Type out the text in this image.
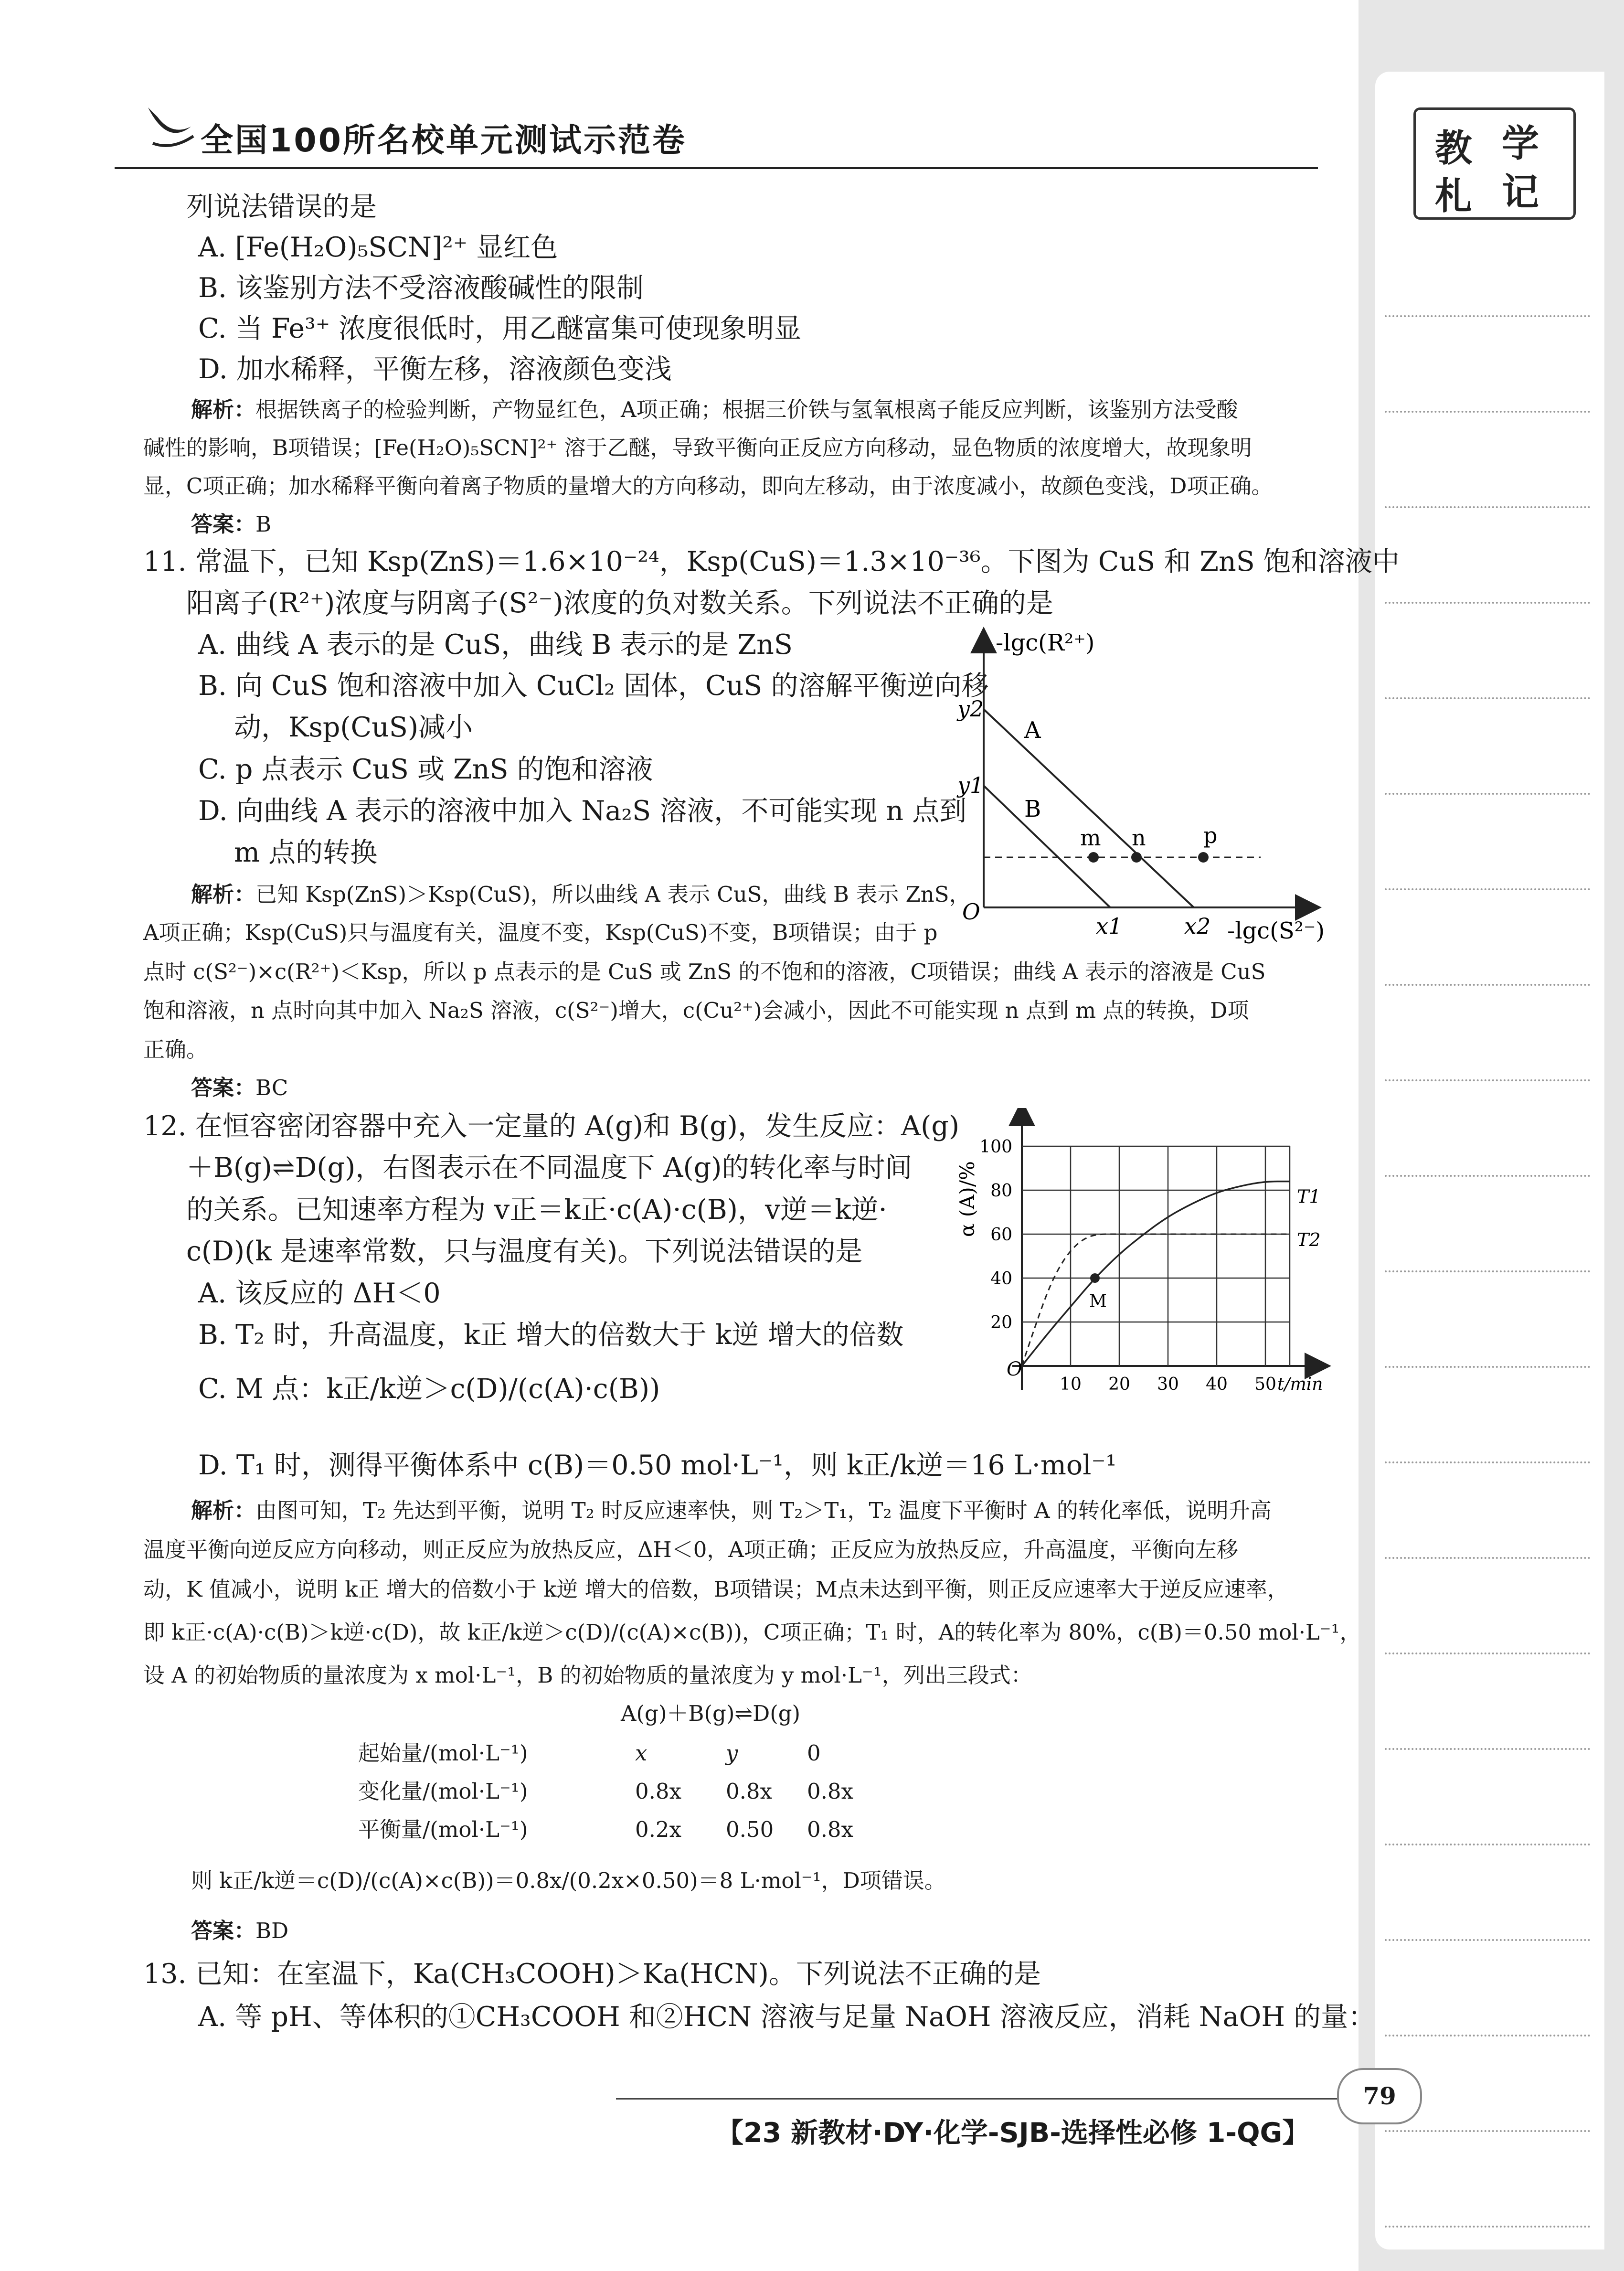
教 学
札 记
全国100所名校单元测试示范卷
列说法错误的是
A. [Fe(H₂O)₅SCN]²⁺ 显红色
B. 该鉴别方法不受溶液酸碱性的限制
C. 当 Fe³⁺ 浓度很低时，用乙醚富集可使现象明显
D. 加水稀释，平衡左移，溶液颜色变浅
解析：根据铁离子的检验判断，产物显红色，A项正确；根据三价铁与氢氧根离子能反应判断，该鉴别方法受酸
碱性的影响，B项错误；[Fe(H₂O)₅SCN]²⁺ 溶于乙醚，导致平衡向正反应方向移动，显色物质的浓度增大，故现象明
显，C项正确；加水稀释平衡向着离子物质的量增大的方向移动，即向左移动，由于浓度减小，故颜色变浅，D项正确。
答案：B
11. 常温下，已知 Ksp(ZnS)＝1.6×10⁻²⁴，Ksp(CuS)＝1.3×10⁻³⁶。下图为 CuS 和 ZnS 饱和溶液中
阳离子(R²⁺)浓度与阴离子(S²⁻)浓度的负对数关系。下列说法不正确的是
A. 曲线 A 表示的是 CuS，曲线 B 表示的是 ZnS
B. 向 CuS 饱和溶液中加入 CuCl₂ 固体，CuS 的溶解平衡逆向移
动，Ksp(CuS)减小
C. p 点表示 CuS 或 ZnS 的饱和溶液
D. 向曲线 A 表示的溶液中加入 Na₂S 溶液，不可能实现 n 点到
m 点的转换
解析：已知 Ksp(ZnS)＞Ksp(CuS)，所以曲线 A 表示 CuS，曲线 B 表示 ZnS，
A项正确；Ksp(CuS)只与温度有关，温度不变，Ksp(CuS)不变，B项错误；由于 p
点时 c(S²⁻)×c(R²⁺)＜Ksp，所以 p 点表示的是 CuS 或 ZnS 的不饱和的溶液，C项错误；曲线 A 表示的溶液是 CuS
饱和溶液，n 点时向其中加入 Na₂S 溶液，c(S²⁻)增大，c(Cu²⁺)会减小，因此不可能实现 n 点到 m 点的转换，D项
正确。
答案：BC
-lgc(R²⁺)
-lgc(S²⁻)
O
y2
y1
x1	x2
A
B
m n	p
12. 在恒容密闭容器中充入一定量的 A(g)和 B(g)，发生反应：A(g)
＋B(g)⇌D(g)，右图表示在不同温度下 A(g)的转化率与时间
的关系。已知速率方程为 v正＝k正·c(A)·c(B)，v逆＝k逆·
c(D)(k 是速率常数，只与温度有关)。下列说法错误的是
A. 该反应的 ΔH＜0
B. T₂ 时，升高温度，k正 增大的倍数大于 k逆 增大的倍数
C. M 点：k正/k逆＞c(D)/(c(A)·c(B))
D. T₁ 时，测得平衡体系中 c(B)＝0.50 mol·L⁻¹，则 k正/k逆＝16 L·mol⁻¹
α (A)/%
t/min
O
20
40
60
80
100
10 20 30 40 50
M
T1
T2
解析：由图可知，T₂ 先达到平衡，说明 T₂ 时反应速率快，则 T₂＞T₁，T₂ 温度下平衡时 A 的转化率低，说明升高
温度平衡向逆反应方向移动，则正反应为放热反应，ΔH＜0，A项正确；正反应为放热反应，升高温度，平衡向左移
动，K 值减小，说明 k正 增大的倍数小于 k逆 增大的倍数，B项错误；M点未达到平衡，则正反应速率大于逆反应速率，
即 k正·c(A)·c(B)＞k逆·c(D)，故 k正/k逆＞c(D)/(c(A)×c(B))，C项正确；T₁ 时，A的转化率为 80%，c(B)＝0.50 mol·L⁻¹，
设 A 的初始物质的量浓度为 x mol·L⁻¹，B 的初始物质的量浓度为 y mol·L⁻¹，列出三段式：
A(g)＋B(g)⇌D(g)
起始量/(mol·L⁻¹)	x	y	0
变化量/(mol·L⁻¹)	0.8x 0.8x 0.8x
平衡量/(mol·L⁻¹)	0.2x 0.50 0.8x
则 k正/k逆＝c(D)/(c(A)×c(B))＝0.8x/(0.2x×0.50)＝8 L·mol⁻¹，D项错误。
答案：BD
13. 已知：在室温下，Ka(CH₃COOH)＞Ka(HCN)。下列说法不正确的是
A. 等 pH、等体积的①CH₃COOH 和②HCN 溶液与足量 NaOH 溶液反应，消耗 NaOH 的量：
【23 新教材·DY·化学-SJB-选择性必修 1-QG】
79
